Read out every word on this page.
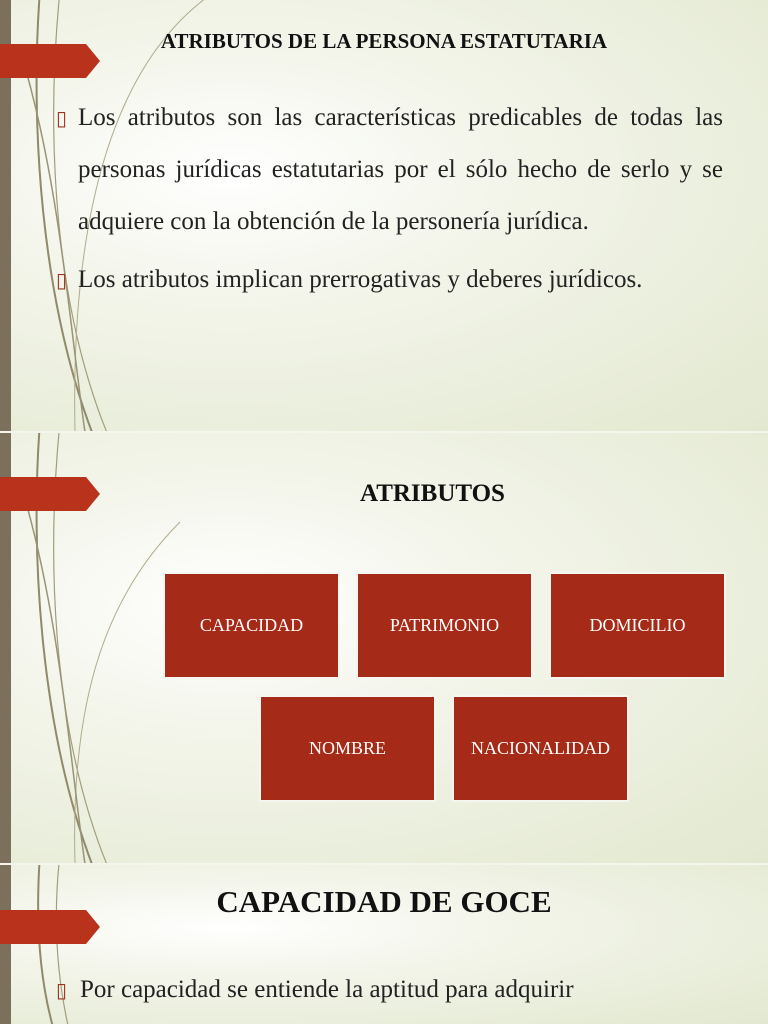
ATRIBUTOS DE LA PERSONA ESTATUTARIA
▯ Los atributos son las características predicables de todas las personas jurídicas estatutarias por el sólo hecho de serlo y se adquiere con la obtención de la personería jurídica.
▯ Los atributos implican prerrogativas y deberes jurídicos.
ATRIBUTOS
CAPACIDAD	PATRIMONIO	DOMICILIO
NOMBRE	NACIONALIDAD
CAPACIDAD DE GOCE
▯ Por capacidad se entiende la aptitud para adquirir
